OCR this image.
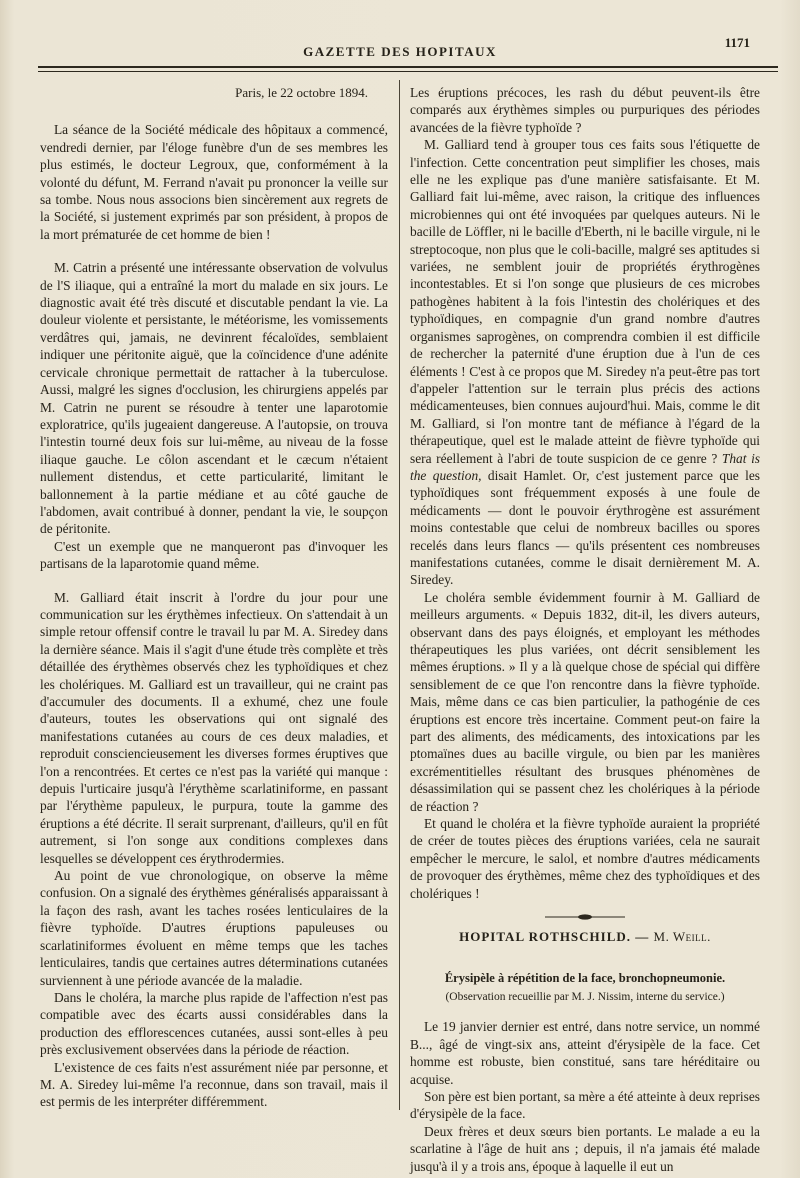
GAZETTE DES HOPITAUX
1171

Paris, le 22 octobre 1894.

La séance de la Société médicale des hôpitaux a commencé, vendredi dernier, par l'éloge funèbre d'un de ses membres les plus estimés, le docteur Legroux, que, conformément à la volonté du défunt, M. Ferrand n'avait pu prononcer la veille sur sa tombe. Nous nous associons bien sincèrement aux regrets de la Société, si justement exprimés par son président, à propos de la mort prématurée de cet homme de bien !

M. Catrin a présenté une intéressante observation de volvulus de l'S iliaque, qui a entraîné la mort du malade en six jours. Le diagnostic avait été très discuté et discutable pendant la vie. La douleur violente et persistante, le météorisme, les vomissements verdâtres qui, jamais, ne devinrent fécaloïdes, semblaient indiquer une péritonite aiguë, que la coïncidence d'une adénite cervicale chronique permettait de rattacher à la tuberculose. Aussi, malgré les signes d'occlusion, les chirurgiens appelés par M. Catrin ne purent se résoudre à tenter une laparotomie exploratrice, qu'ils jugeaient dangereuse. A l'autopsie, on trouva l'intestin tourné deux fois sur lui-même, au niveau de la fosse iliaque gauche. Le côlon ascendant et le cæcum n'étaient nullement distendus, et cette particularité, limitant le ballonnement à la partie médiane et au côté gauche de l'abdomen, avait contribué à donner, pendant la vie, le soupçon de péritonite.

C'est un exemple que ne manqueront pas d'invoquer les partisans de la laparotomie quand même.

M. Galliard était inscrit à l'ordre du jour pour une communication sur les érythèmes infectieux. On s'attendait à un simple retour offensif contre le travail lu par M. A. Siredey dans la dernière séance. Mais il s'agit d'une étude très complète et très détaillée des érythèmes observés chez les typhoïdiques et chez les cholériques. M. Galliard est un travailleur, qui ne craint pas d'accumuler des documents. Il a exhumé, chez une foule d'auteurs, toutes les observations qui ont signalé des manifestations cutanées au cours de ces deux maladies, et reproduit consciencieusement les diverses formes éruptives que l'on a rencontrées. Et certes ce n'est pas la variété qui manque : depuis l'urticaire jusqu'à l'érythème scarlatiniforme, en passant par l'érythème papuleux, le purpura, toute la gamme des éruptions a été décrite. Il serait surprenant, d'ailleurs, qu'il en fût autrement, si l'on songe aux conditions complexes dans lesquelles se développent ces érythrodermies.

Au point de vue chronologique, on observe la même confusion. On a signalé des érythèmes généralisés apparaissant à la façon des rash, avant les taches rosées lenticulaires de la fièvre typhoïde. D'autres éruptions papuleuses ou scarlatiniformes évoluent en même temps que les taches lenticulaires, tandis que certaines autres déterminations cutanées surviennent à une période avancée de la maladie.

Dans le choléra, la marche plus rapide de l'affection n'est pas compatible avec des écarts aussi considérables dans la production des efflorescences cutanées, aussi sont-elles à peu près exclusivement observées dans la période de réaction.

L'existence de ces faits n'est assurément niée par personne, et M. A. Siredey lui-même l'a reconnue, dans son travail, mais il est permis de les interpréter différemment.

Les éruptions précoces, les rash du début peuvent-ils être comparés aux érythèmes simples ou purpuriques des périodes avancées de la fièvre typhoïde ?

M. Galliard tend à grouper tous ces faits sous l'étiquette de l'infection. Cette concentration peut simplifier les choses, mais elle ne les explique pas d'une manière satisfaisante. Et M. Galliard fait lui-même, avec raison, la critique des influences microbiennes qui ont été invoquées par quelques auteurs. Ni le bacille de Löffler, ni le bacille d'Eberth, ni le bacille virgule, ni le streptocoque, non plus que le coli-bacille, malgré ses aptitudes si variées, ne semblent jouir de propriétés érythrogènes incontestables. Et si l'on songe que plusieurs de ces microbes pathogènes habitent à la fois l'intestin des cholériques et des typhoïdiques, en compagnie d'un grand nombre d'autres organismes saprogènes, on comprendra combien il est difficile de rechercher la paternité d'une éruption due à l'un de ces éléments ! C'est à ce propos que M. Siredey n'a peut-être pas tort d'appeler l'attention sur le terrain plus précis des actions médicamenteuses, bien connues aujourd'hui. Mais, comme le dit M. Galliard, si l'on montre tant de méfiance à l'égard de la thérapeutique, quel est le malade atteint de fièvre typhoïde qui sera réellement à l'abri de toute suspicion de ce genre ? That is the question, disait Hamlet. Or, c'est justement parce que les typhoïdiques sont fréquemment exposés à une foule de médicaments — dont le pouvoir érythrogène est assurément moins contestable que celui de nombreux bacilles ou spores recelés dans leurs flancs — qu'ils présentent ces nombreuses manifestations cutanées, comme le disait dernièrement M. A. Siredey.

Le choléra semble évidemment fournir à M. Galliard de meilleurs arguments. « Depuis 1832, dit-il, les divers auteurs, observant dans des pays éloignés, et employant les méthodes thérapeutiques les plus variées, ont décrit sensiblement les mêmes éruptions. » Il y a là quelque chose de spécial qui diffère sensiblement de ce que l'on rencontre dans la fièvre typhoïde. Mais, même dans ce cas bien particulier, la pathogénie de ces éruptions est encore très incertaine. Comment peut-on faire la part des aliments, des médicaments, des intoxications par les ptomaïnes dues au bacille virgule, ou bien par les manières excrémentitielles résultant des brusques phénomènes de désassimilation qui se passent chez les cholériques à la période de réaction ?

Et quand le choléra et la fièvre typhoïde auraient la propriété de créer de toutes pièces des éruptions variées, cela ne saurait empêcher le mercure, le salol, et nombre d'autres médicaments de provoquer des érythèmes, même chez des typhoïdiques et des cholériques !

HOPITAL ROTHSCHILD. — M. Weill.
Érysipèle à répétition de la face, bronchopneumonie.
(Observation recueillie par M. J. Nissim, interne du service.)

Le 19 janvier dernier est entré, dans notre service, un nommé B..., âgé de vingt-six ans, atteint d'érysipèle de la face. Cet homme est robuste, bien constitué, sans tare héréditaire ou acquise.

Son père est bien portant, sa mère a été atteinte à deux reprises d'érysipèle de la face.

Deux frères et deux sœurs bien portants. Le malade a eu la scarlatine à l'âge de huit ans ; depuis, il n'a jamais été malade jusqu'à il y a trois ans, époque à laquelle il eut un
